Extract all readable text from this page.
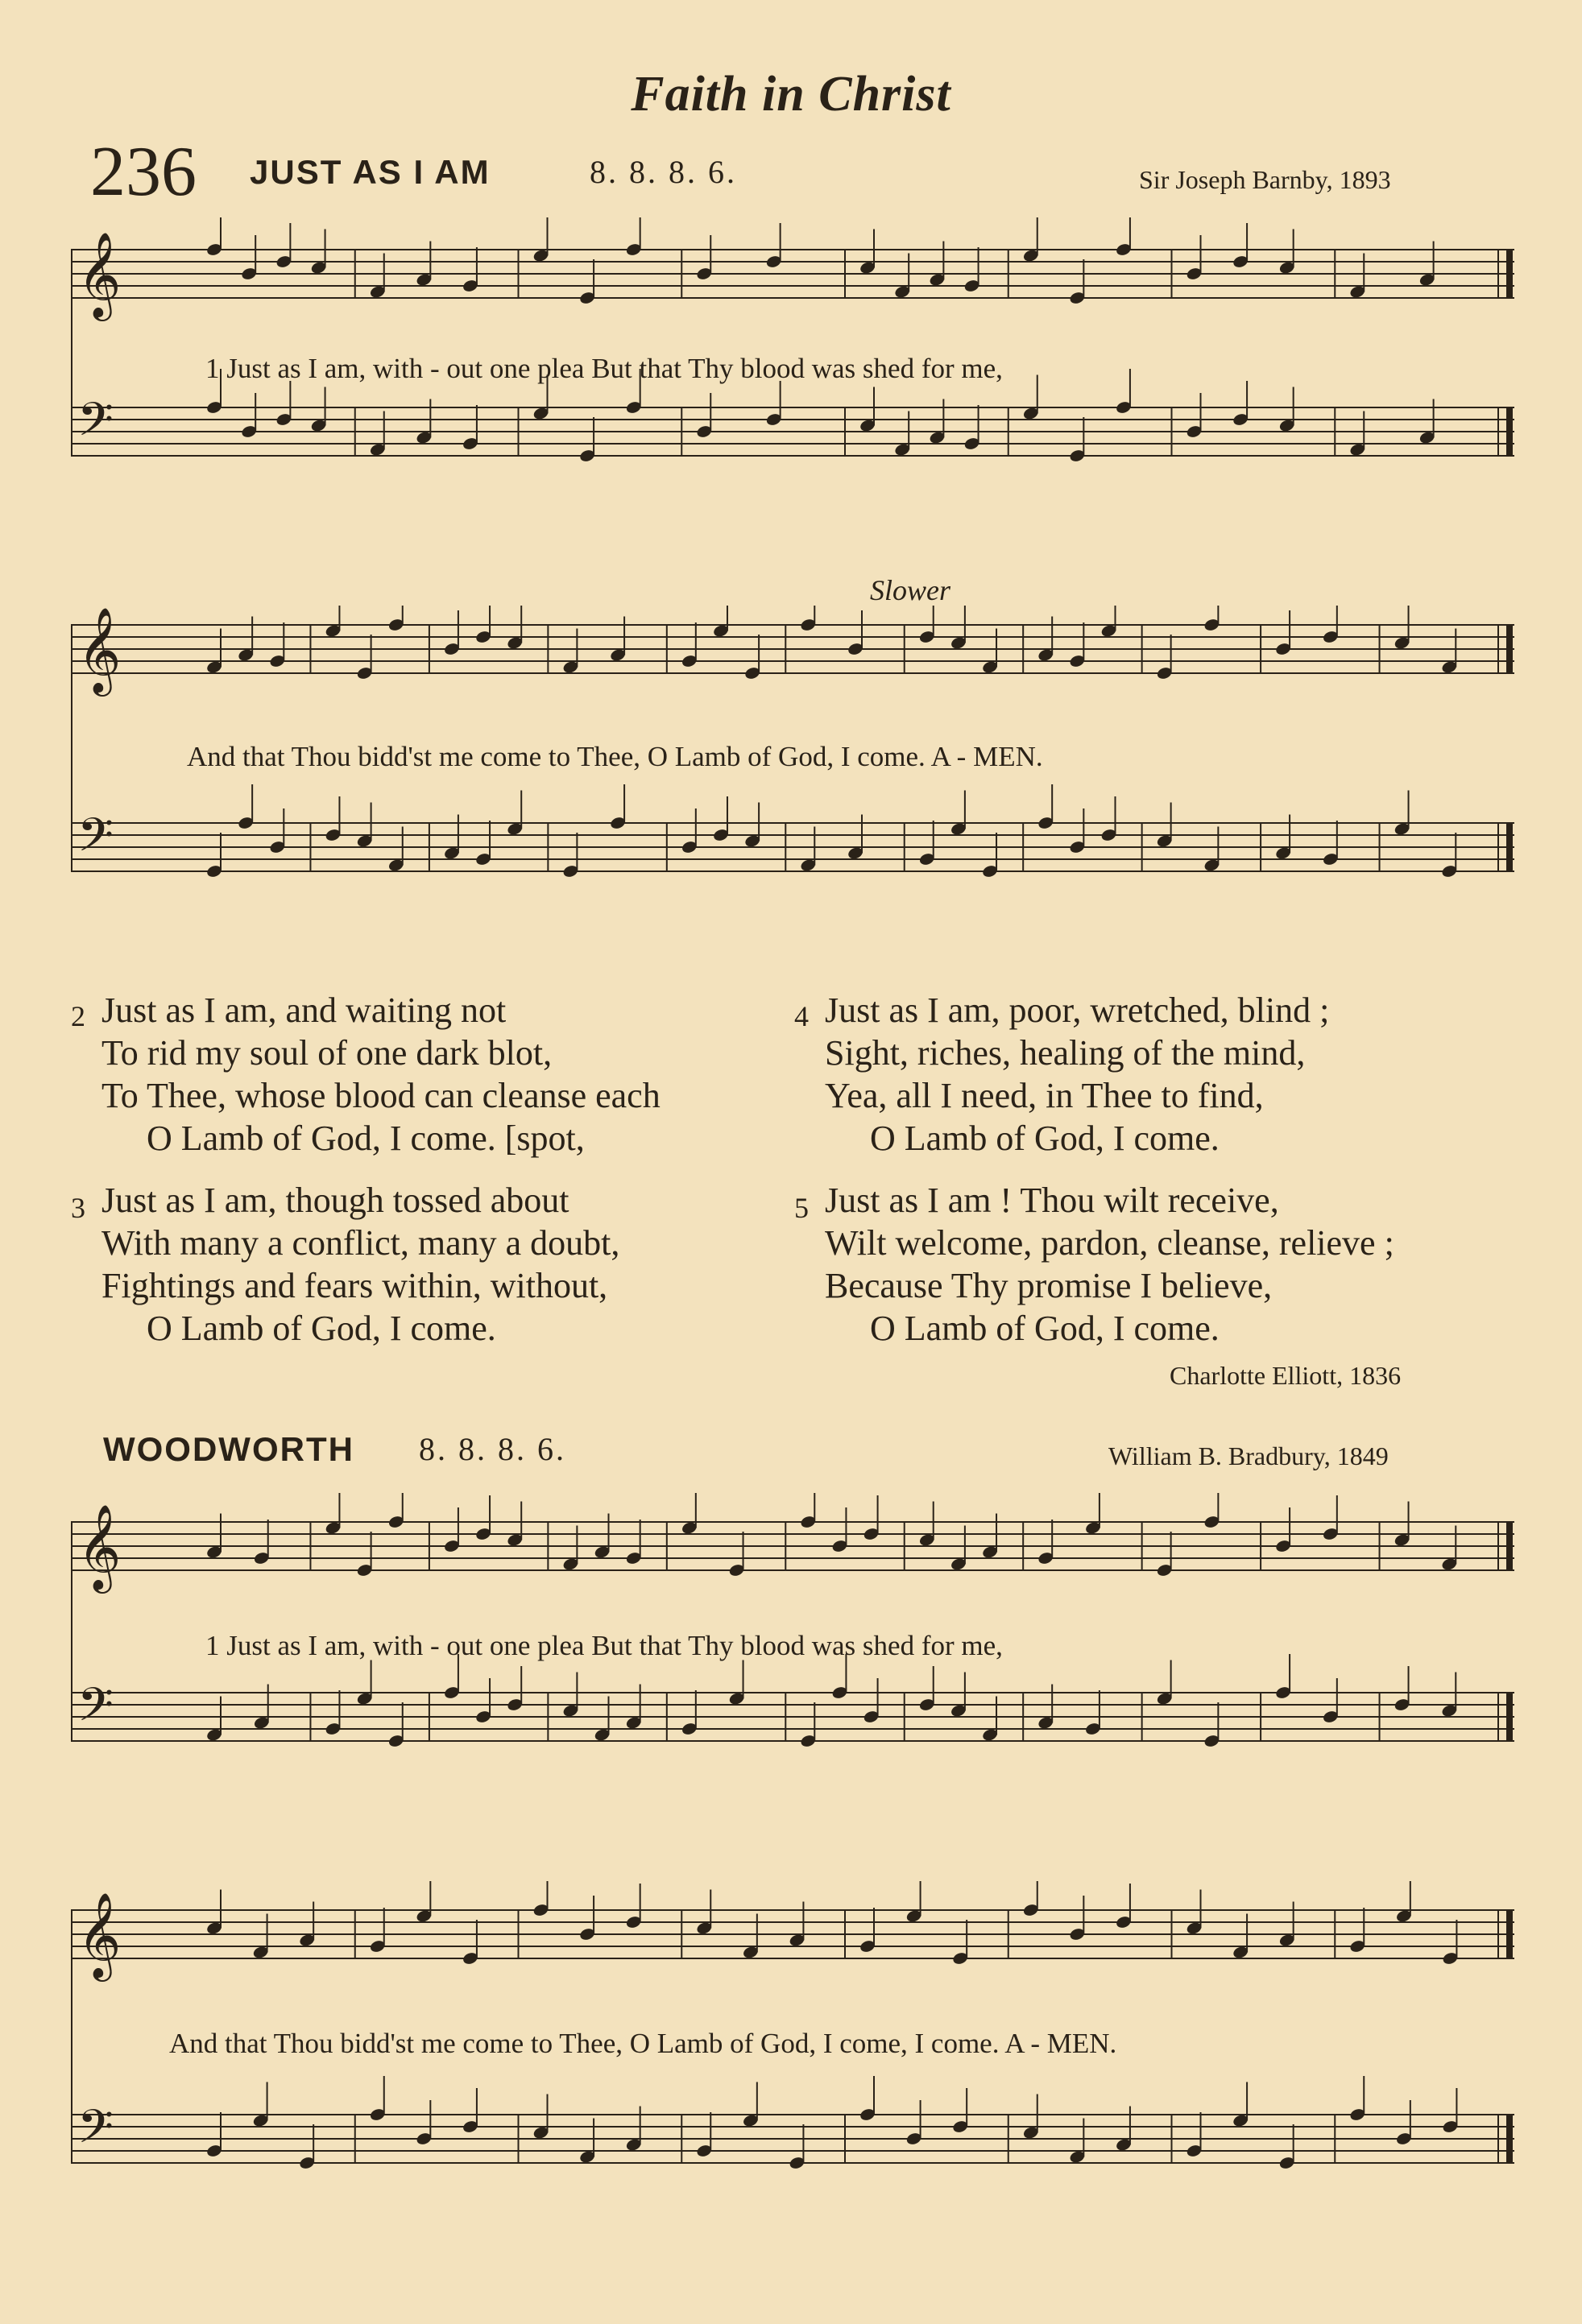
Faith in Christ
236 JUST AS I AM	8. 8. 8. 6.	Sir Joseph Barnby, 1893
𝄞
𝄢
1 Just as I am, with - out one plea But that Thy blood was shed for me,
Slower
𝄞
𝄢
And that Thou bidd'st me come to Thee, O Lamb of God, I come. A - MEN.
2 Just as I am, and waiting not
To rid my soul of one dark blot,
To Thee, whose blood can cleanse each
O Lamb of God, I come. [spot,
3 Just as I am, though tossed about
With many a conflict, many a doubt,
Fightings and fears within, without,
O Lamb of God, I come.
4 Just as I am, poor, wretched, blind ;
Sight, riches, healing of the mind,
Yea, all I need, in Thee to find,
O Lamb of God, I come.
5 Just as I am ! Thou wilt receive,
Wilt welcome, pardon, cleanse, relieve ;
Because Thy promise I believe,
O Lamb of God, I come.
Charlotte Elliott, 1836
WOODWORTH 8. 8. 8. 6.	William B. Bradbury, 1849
𝄞
𝄢
1 Just as I am, with - out one plea But that Thy blood was shed for me,
𝄞
𝄢
And that Thou bidd'st me come to Thee, O Lamb of God, I come, I come. A - MEN.
